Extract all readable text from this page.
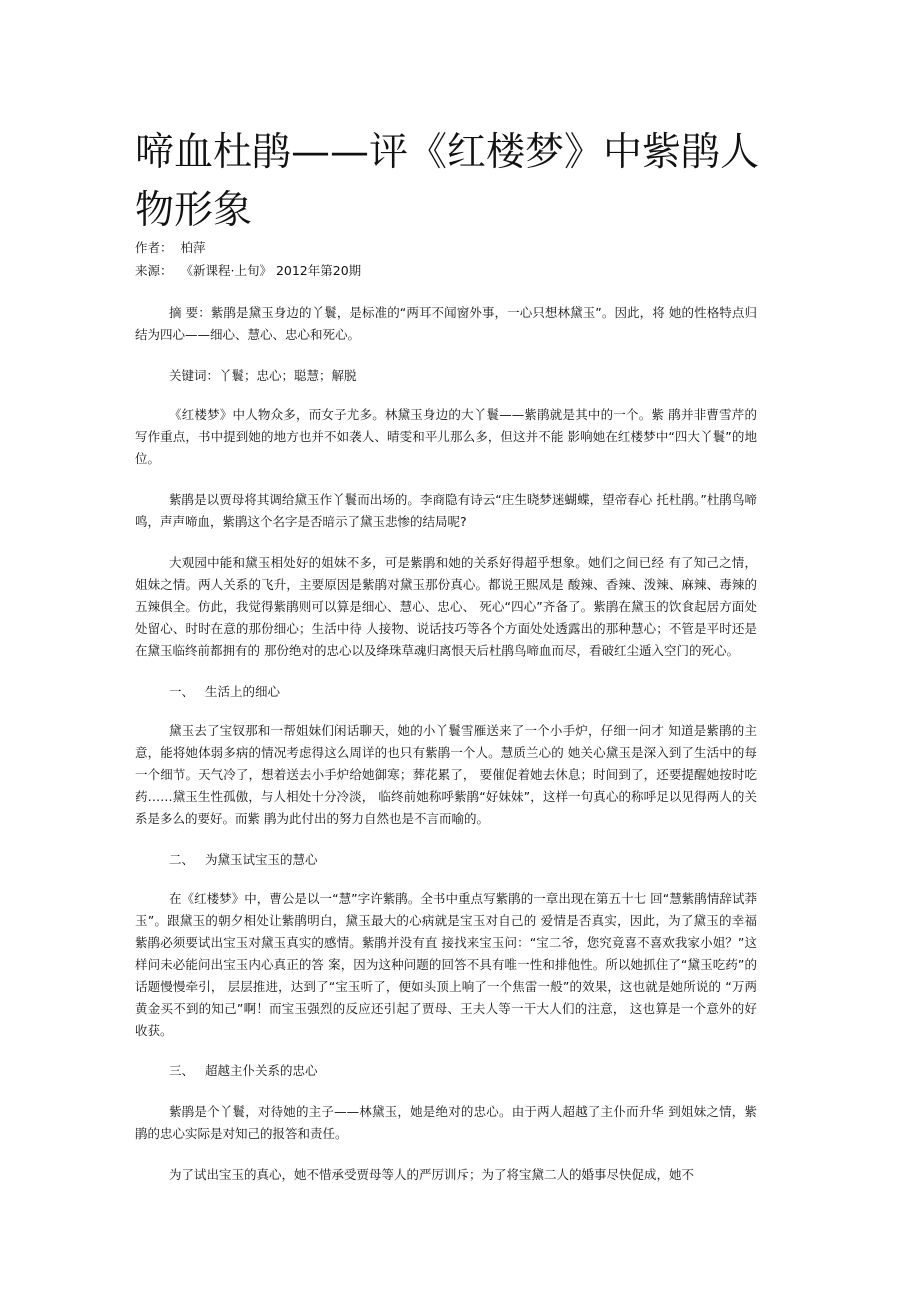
啼血杜鹃——评《红楼梦》中紫鹃人物形象
作者： 柏萍
来源： 《新课程·上旬》 2012年第20期

摘 要：紫鹃是黛玉身边的丫鬟，是标准的“两耳不闻窗外事，一心只想林黛玉”。因此，将 她的性格特点归结为四心——细心、慧心、忠心和死心。

关键词：丫鬟；忠心；聪慧；解脱

《红楼梦》中人物众多，而女子尤多。林黛玉身边的大丫鬟——紫鹃就是其中的一个。紫 鹃并非曹雪芹的写作重点，书中提到她的地方也并不如袭人、晴雯和平儿那么多，但这并不能 影响她在红楼梦中“四大丫鬟”的地位。

紫鹃是以贾母将其调给黛玉作丫鬟而出场的。李商隐有诗云“庄生晓梦迷蝴蝶，望帝春心 托杜鹃。”杜鹃鸟啼鸣，声声啼血，紫鹃这个名字是否暗示了黛玉悲惨的结局呢?

大观园中能和黛玉相处好的姐妹不多，可是紫鹃和她的关系好得超乎想象。她们之间已经 有了知己之情，姐妹之情。两人关系的飞升，主要原因是紫鹃对黛玉那份真心。都说王熙凤是 酸辣、香辣、泼辣、麻辣、毒辣的五辣俱全。仿此，我觉得紫鹃则可以算是细心、慧心、忠心、 死心“四心”齐备了。紫鹃在黛玉的饮食起居方面处处留心、时时在意的那份细心；生活中待 人接物、说话技巧等各个方面处处透露出的那种慧心；不管是平时还是在黛玉临终前都拥有的 那份绝对的忠心以及绛珠草魂归离恨天后杜鹃鸟啼血而尽，看破红尘遁入空门的死心。

一、 生活上的细心

黛玉去了宝钗那和一帮姐妹们闲话聊天，她的小丫鬟雪雁送来了一个小手炉，仔细一问才 知道是紫鹃的主意，能将她体弱多病的情况考虑得这么周详的也只有紫鹃一个人。慧质兰心的 她关心黛玉是深入到了生活中的每一个细节。天气冷了，想着送去小手炉给她御寒；葬花累了， 要催促着她去休息；时间到了，还要提醒她按时吃药……黛玉生性孤傲，与人相处十分冷淡， 临终前她称呼紫鹃“好妹妹”，这样一句真心的称呼足以见得两人的关系是多么的要好。而紫 鹃为此付出的努力自然也是不言而喻的。

二、 为黛玉试宝玉的慧心

在《红楼梦》中，曹公是以一“慧”字许紫鹃。全书中重点写紫鹃的一章出现在第五十七 回“慧紫鹃情辞试莽玉”。跟黛玉的朝夕相处让紫鹃明白，黛玉最大的心病就是宝玉对自己的 爱情是否真实，因此，为了黛玉的幸福紫鹃必须要试出宝玉对黛玉真实的感情。紫鹃并没有直 接找来宝玉问：“宝二爷，您究竟喜不喜欢我家小姐？”这样问未必能问出宝玉内心真正的答 案，因为这种问题的回答不具有唯一性和排他性。所以她抓住了“黛玉吃药”的话题慢慢牵引， 层层推进，达到了“宝玉听了，便如头顶上响了一个焦雷一般”的效果，这也就是她所说的 “万两黄金买不到的知己”啊！而宝玉强烈的反应还引起了贾母、王夫人等一干大人们的注意， 这也算是一个意外的好收获。

三、 超越主仆关系的忠心

紫鹃是个丫鬟，对待她的主子——林黛玉，她是绝对的忠心。由于两人超越了主仆而升华 到姐妹之情，紫鹃的忠心实际是对知己的报答和责任。

为了试出宝玉的真心，她不惜承受贾母等人的严厉训斥；为了将宝黛二人的婚事尽快促成，她不
